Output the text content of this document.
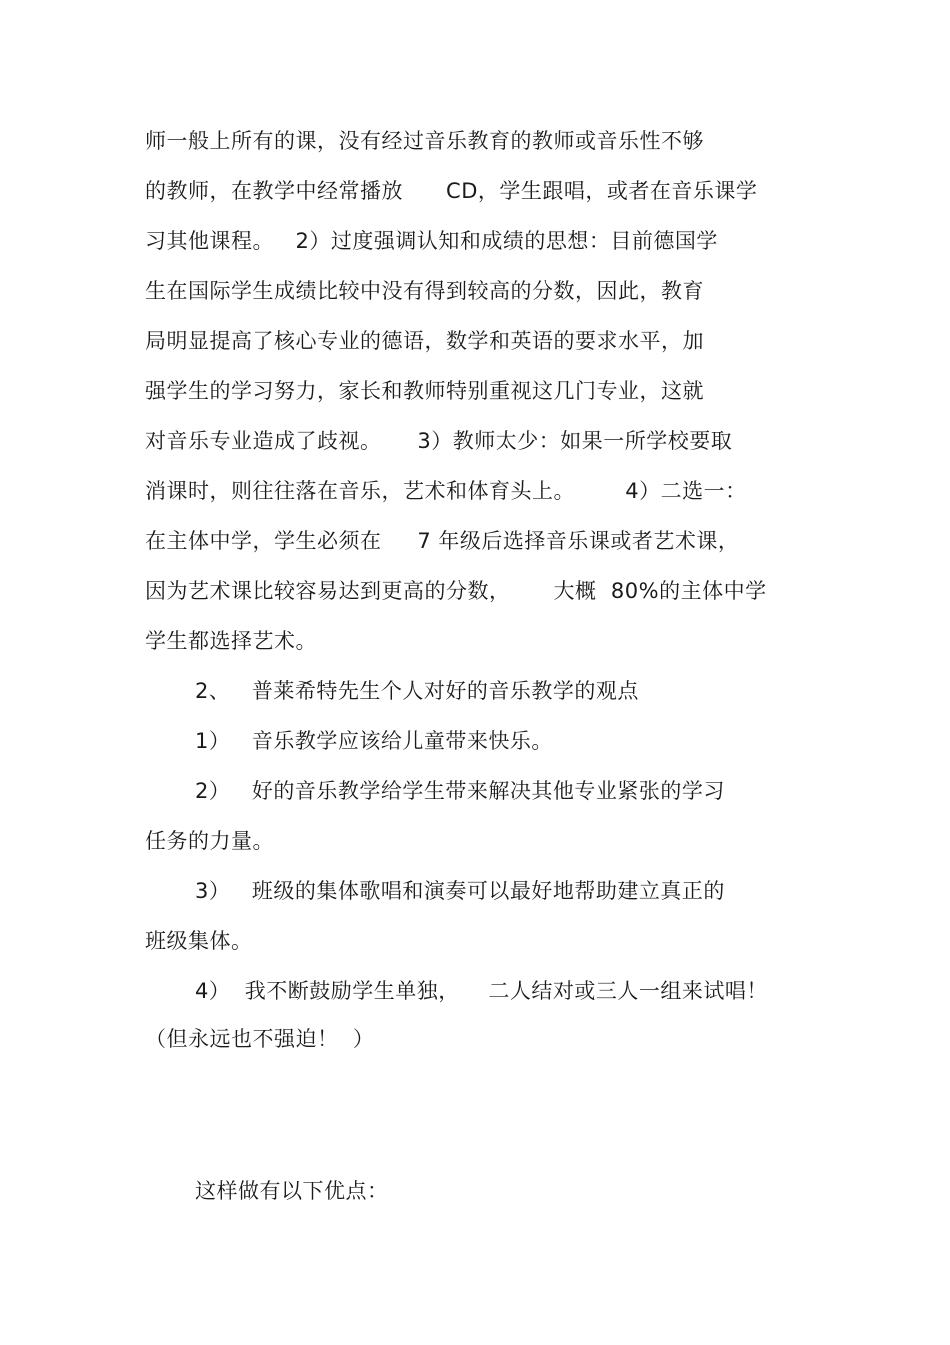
师一般上所有的课，没有经过音乐教育的教师或音乐性不够
的教师，在教学中经常播放      CD，学生跟唱，或者在音乐课学
习其他课程。   2）过度强调认知和成绩的思想：目前德国学
生在国际学生成绩比较中没有得到较高的分数，因此，教育
局明显提高了核心专业的德语，数学和英语的要求水平，加
强学生的学习努力，家长和教师特别重视这几门专业，这就
对音乐专业造成了歧视。     3）教师太少：如果一所学校要取
消课时，则往往落在音乐，艺术和体育头上。       4）二选一：
在主体中学，学生必须在     7 年级后选择音乐课或者艺术课，
因为艺术课比较容易达到更高的分数，      大概  80%的主体中学
学生都选择艺术。
2、   普莱希特先生个人对好的音乐教学的观点
1）   音乐教学应该给儿童带来快乐。
2）   好的音乐教学给学生带来解决其他专业紧张的学习
任务的力量。
3）   班级的集体歌唱和演奏可以最好地帮助建立真正的
班级集体。
4）  我不断鼓励学生单独，    二人结对或三人一组来试唱！
（但永远也不强迫！  ）
这样做有以下优点：
